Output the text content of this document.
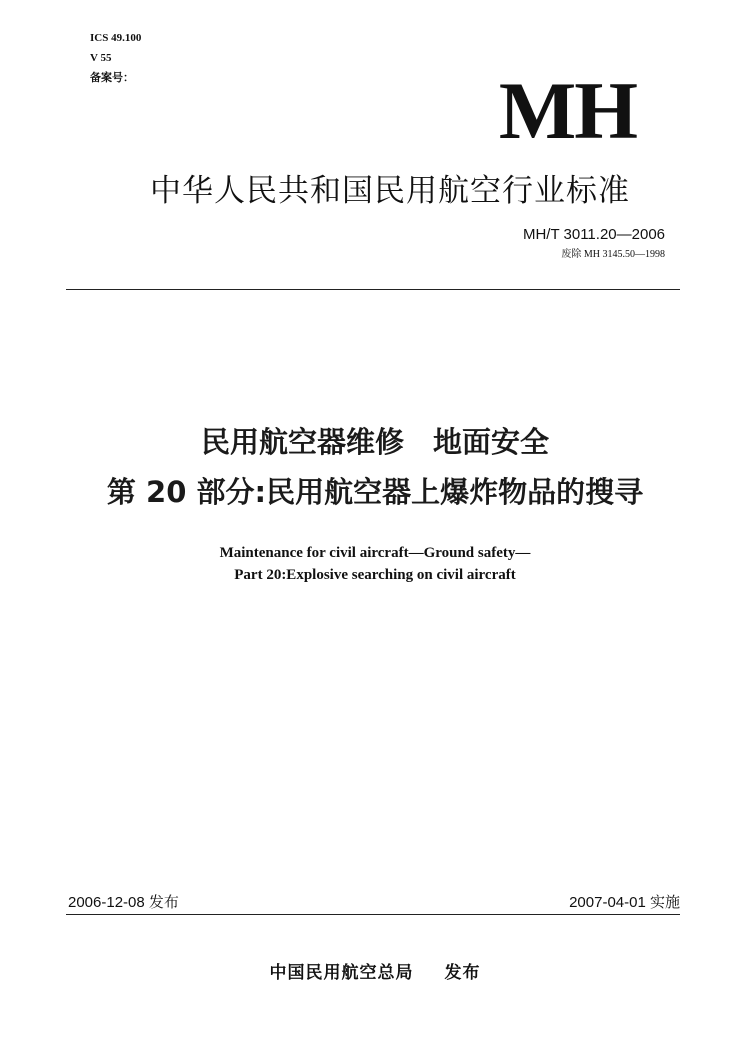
ICS 49.100
V 55
备案号：	MH
中华人民共和国民用航空行业标准
MH/T 3011.20—2006
废除 MH 3145.50—1998
民用航空器维修　地面安全
第 20 部分:民用航空器上爆炸物品的搜寻
Maintenance for civil aircraft—Ground safety—
Part 20:Explosive searching on civil aircraft
2006-12-08 发布	2007-04-01 实施
中国民用航空总局 发布
